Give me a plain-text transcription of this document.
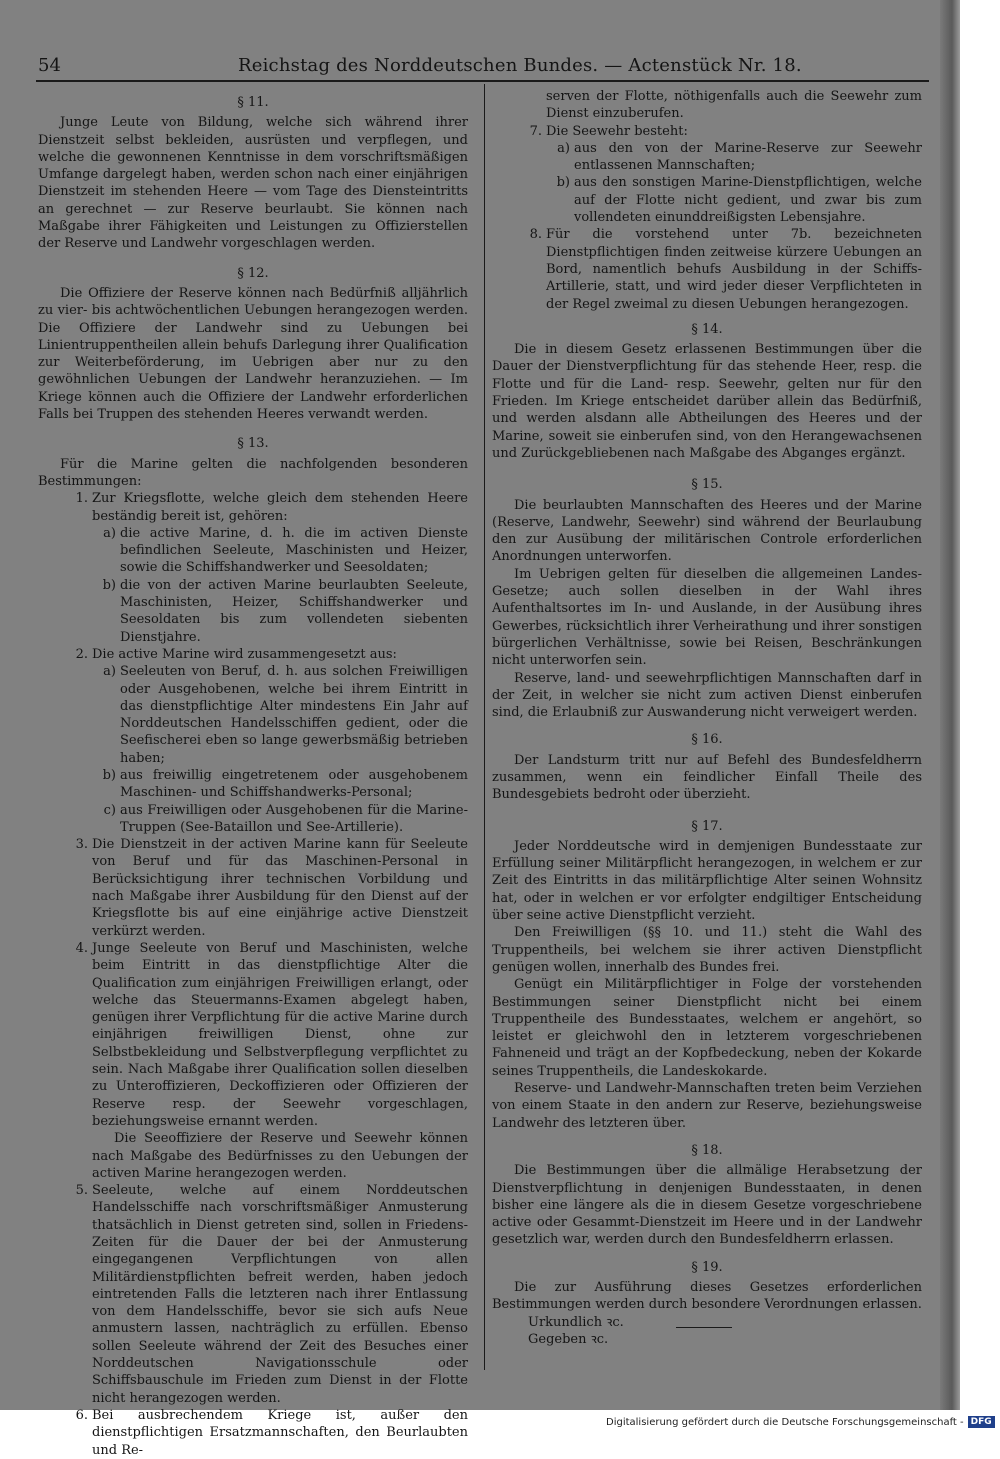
54	Reichstag des Norddeutschen Bundes. — Actenstück Nr. 18.
§ 11.

Junge Leute von Bildung, welche sich während ihrer Dienstzeit selbst bekleiden, ausrüsten und verpflegen, und welche die gewonnenen Kenntnisse in dem vorschriftsmäßigen Umfange dargelegt haben, werden schon nach einer einjährigen Dienstzeit im stehenden Heere — vom Tage des Diensteintritts an gerechnet — zur Reserve beurlaubt. Sie können nach Maßgabe ihrer Fähigkeiten und Leistungen zu Offizierstellen der Reserve und Landwehr vorgeschlagen werden.

§ 12.

Die Offiziere der Reserve können nach Bedürfniß alljährlich zu vier- bis achtwöchentlichen Uebungen herangezogen werden. Die Offiziere der Landwehr sind zu Uebungen bei Linientruppentheilen allein behufs Darlegung ihrer Qualification zur Weiterbeförderung, im Uebrigen aber nur zu den gewöhnlichen Uebungen der Landwehr heranzuziehen. — Im Kriege können auch die Offiziere der Landwehr erforderlichen Falls bei Truppen des stehenden Heeres verwandt werden.

§ 13.

Für die Marine gelten die nachfolgenden besonderen Bestimmungen:

1. Zur Kriegsflotte, welche gleich dem stehenden Heere beständig bereit ist, gehören:
a) die active Marine, d. h. die im activen Dienste befindlichen Seeleute, Maschinisten und Heizer, sowie die Schiffshandwerker und Seesoldaten;
b) die von der activen Marine beurlaubten Seeleute, Maschinisten, Heizer, Schiffshandwerker und Seesoldaten bis zum vollendeten siebenten Dienstjahre.
2. Die active Marine wird zusammengesetzt aus:
a) Seeleuten von Beruf, d. h. aus solchen Freiwilligen oder Ausgehobenen, welche bei ihrem Eintritt in das dienstpflichtige Alter mindestens Ein Jahr auf Norddeutschen Handelsschiffen gedient, oder die Seefischerei eben so lange gewerbsmäßig betrieben haben;
b) aus freiwillig eingetretenem oder ausgehobenem Maschinen- und Schiffshandwerks-Personal;
c) aus Freiwilligen oder Ausgehobenen für die Marine-Truppen (See-Bataillon und See-Artillerie).
3. Die Dienstzeit in der activen Marine kann für Seeleute von Beruf und für das Maschinen-Personal in Berücksichtigung ihrer technischen Vorbildung und nach Maßgabe ihrer Ausbildung für den Dienst auf der Kriegsflotte bis auf eine einjährige active Dienstzeit verkürzt werden.
4. Junge Seeleute von Beruf und Maschinisten, welche beim Eintritt in das dienstpflichtige Alter die Qualification zum einjährigen Freiwilligen erlangt, oder welche das Steuermanns-Examen abgelegt haben, genügen ihrer Verpflichtung für die active Marine durch einjährigen freiwilligen Dienst, ohne zur Selbstbekleidung und Selbstverpflegung verpflichtet zu sein. Nach Maßgabe ihrer Qualification sollen dieselben zu Unteroffizieren, Deckoffizieren oder Offizieren der Reserve resp. der Seewehr vorgeschlagen, beziehungsweise ernannt werden.
Die Seeoffiziere der Reserve und Seewehr können nach Maßgabe des Bedürfnisses zu den Uebungen der activen Marine herangezogen werden.
5. Seeleute, welche auf einem Norddeutschen Handelsschiffe nach vorschriftsmäßiger Anmusterung thatsächlich in Dienst getreten sind, sollen in Friedens-Zeiten für die Dauer der bei der Anmusterung eingegangenen Verpflichtungen von allen Militärdienstpflichten befreit werden, haben jedoch eintretenden Falls die letzteren nach ihrer Entlassung von dem Handelsschiffe, bevor sie sich aufs Neue anmustern lassen, nachträglich zu erfüllen. Ebenso sollen Seeleute während der Zeit des Besuches einer Norddeutschen Navigationsschule oder Schiffsbauschule im Frieden zum Dienst in der Flotte nicht herangezogen werden.
6. Bei ausbrechendem Kriege ist, außer den dienstpflichtigen Ersatzmannschaften, den Beurlaubten und Re-
serven der Flotte, nöthigenfalls auch die Seewehr zum Dienst einzuberufen.
7. Die Seewehr besteht:
a) aus den von der Marine-Reserve zur Seewehr entlassenen Mannschaften;
b) aus den sonstigen Marine-Dienstpflichtigen, welche auf der Flotte nicht gedient, und zwar bis zum vollendeten einunddreißigsten Lebensjahre.
8. Für die vorstehend unter 7b. bezeichneten Dienstpflichtigen finden zeitweise kürzere Uebungen an Bord, namentlich behufs Ausbildung in der Schiffs-Artillerie, statt, und wird jeder dieser Verpflichteten in der Regel zweimal zu diesen Uebungen herangezogen.
§ 14.

Die in diesem Gesetz erlassenen Bestimmungen über die Dauer der Dienstverpflichtung für das stehende Heer, resp. die Flotte und für die Land- resp. Seewehr, gelten nur für den Frieden. Im Kriege entscheidet darüber allein das Bedürfniß, und werden alsdann alle Abtheilungen des Heeres und der Marine, soweit sie einberufen sind, von den Herangewachsenen und Zurückgebliebenen nach Maßgabe des Abganges ergänzt.

§ 15.

Die beurlaubten Mannschaften des Heeres und der Marine (Reserve, Landwehr, Seewehr) sind während der Beurlaubung den zur Ausübung der militärischen Controle erforderlichen Anordnungen unterworfen.

Im Uebrigen gelten für dieselben die allgemeinen Landes-Gesetze; auch sollen dieselben in der Wahl ihres Aufenthaltsortes im In- und Auslande, in der Ausübung ihres Gewerbes, rücksichtlich ihrer Verheirathung und ihrer sonstigen bürgerlichen Verhältnisse, sowie bei Reisen, Beschränkungen nicht unterworfen sein.

Reserve, land- und seewehrpflichtigen Mannschaften darf in der Zeit, in welcher sie nicht zum activen Dienst einberufen sind, die Erlaubniß zur Auswanderung nicht verweigert werden.

§ 16.

Der Landsturm tritt nur auf Befehl des Bundesfeldherrn zusammen, wenn ein feindlicher Einfall Theile des Bundesgebiets bedroht oder überzieht.

§ 17.

Jeder Norddeutsche wird in demjenigen Bundesstaate zur Erfüllung seiner Militärpflicht herangezogen, in welchem er zur Zeit des Eintritts in das militärpflichtige Alter seinen Wohnsitz hat, oder in welchen er vor erfolgter endgiltiger Entscheidung über seine active Dienstpflicht verzieht.

Den Freiwilligen (§§ 10. und 11.) steht die Wahl des Truppentheils, bei welchem sie ihrer activen Dienstpflicht genügen wollen, innerhalb des Bundes frei.

Genügt ein Militärpflichtiger in Folge der vorstehenden Bestimmungen seiner Dienstpflicht nicht bei einem Truppentheile des Bundesstaates, welchem er angehört, so leistet er gleichwohl den in letzterem vorgeschriebenen Fahneneid und trägt an der Kopfbedeckung, neben der Kokarde seines Truppentheils, die Landeskokarde.

Reserve- und Landwehr-Mannschaften treten beim Verziehen von einem Staate in den andern zur Reserve, beziehungsweise Landwehr des letzteren über.

§ 18.

Die Bestimmungen über die allmälige Herabsetzung der Dienstverpflichtung in denjenigen Bundesstaaten, in denen bisher eine längere als die in diesem Gesetze vorgeschriebene active oder Gesammt-Dienstzeit im Heere und in der Landwehr gesetzlich war, werden durch den Bundesfeldherrn erlassen.

§ 19.

Die zur Ausführung dieses Gesetzes erforderlichen Bestimmungen werden durch besondere Verordnungen erlassen.

Urkundlich ꝛc.

Gegeben ꝛc.

Digitalisierung gefördert durch die Deutsche Forschungsgemeinschaft - DFG
